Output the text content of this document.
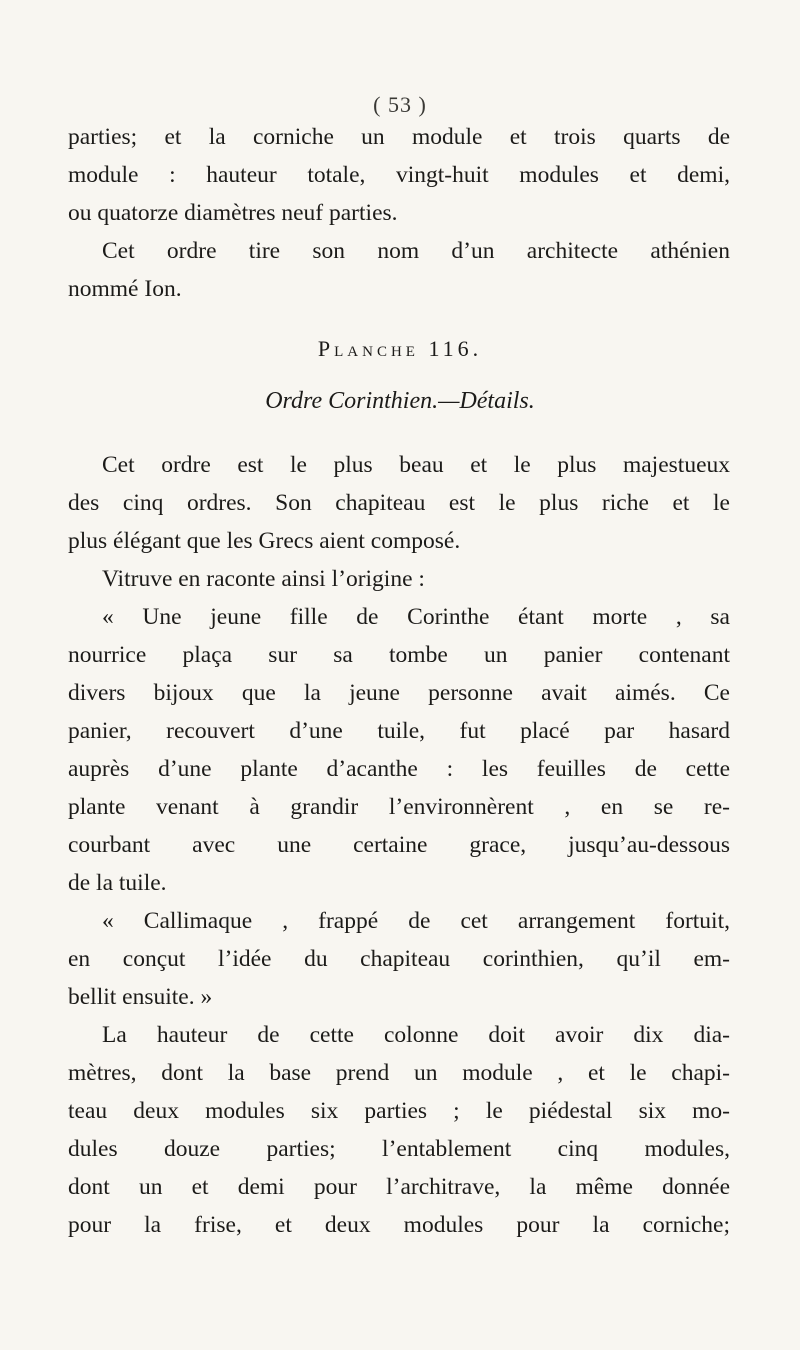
( 53 )
parties; et la corniche un module et trois quarts de
module : hauteur totale, vingt-huit modules et demi,
ou quatorze diamètres neuf parties.
Cet ordre tire son nom d’un architecte athénien
nommé Ion.
Planche 116.
Ordre Corinthien.—Détails.
Cet ordre est le plus beau et le plus majestueux
des cinq ordres. Son chapiteau est le plus riche et le
plus élégant que les Grecs aient composé.
Vitruve en raconte ainsi l’origine :
« Une jeune fille de Corinthe étant morte , sa
nourrice plaça sur sa tombe un panier contenant
divers bijoux que la jeune personne avait aimés. Ce
panier, recouvert d’une tuile, fut placé par hasard
auprès d’une plante d’acanthe : les feuilles de cette
plante venant à grandir l’environnèrent , en se re-
courbant avec une certaine grace, jusqu’au-dessous
de la tuile.
« Callimaque , frappé de cet arrangement fortuit,
en conçut l’idée du chapiteau corinthien, qu’il em-
bellit ensuite. »
La hauteur de cette colonne doit avoir dix dia-
mètres, dont la base prend un module , et le chapi-
teau deux modules six parties ; le piédestal six mo-
dules douze parties; l’entablement cinq modules,
dont un et demi pour l’architrave, la même donnée
pour la frise, et deux modules pour la corniche;
